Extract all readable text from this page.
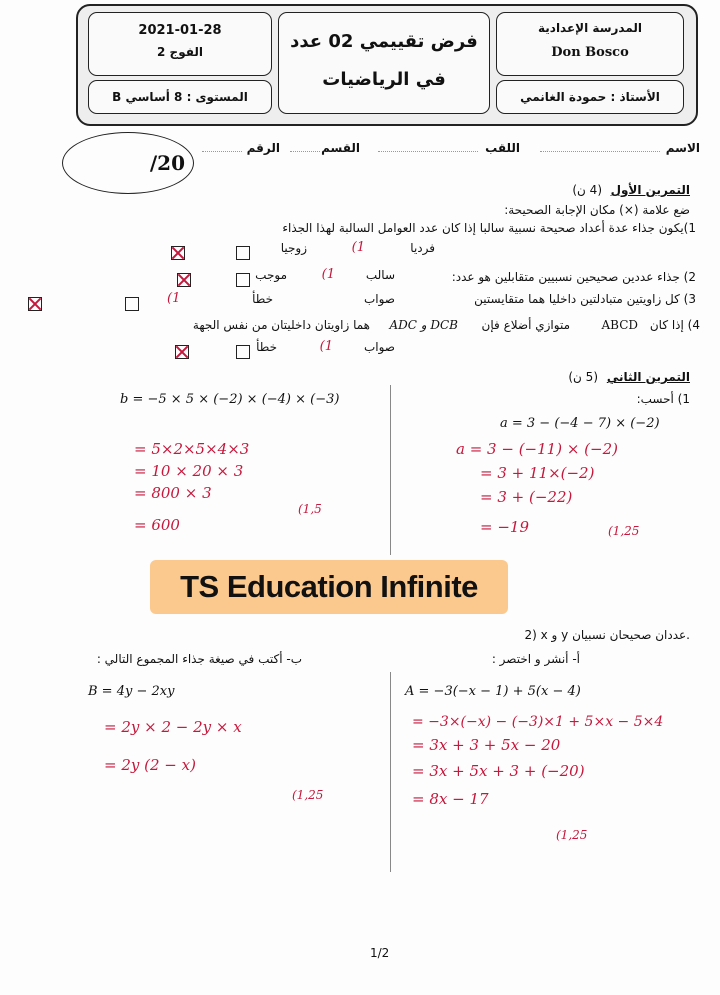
2021-01-28
الفوج 2
المستوى : 8 أساسي B
فرض تقييمي 02 عدد
في الرياضيات
المدرسة الإعدادية
Don Bosco
الأستاذ : حمودة الغانمي
الاسم
اللقب
القسم
الرقم
/20
التمرين الأول
(4 ن)
ضع علامة (×) مكان الإجابة الصحيحة:
1)يكون جذاء عدة أعداد صحيحة نسبية سالبا إذا كان عدد العوامل السالبة لهذا الجذاء
فرديا

(1
زوجيا
2) جذاء عددين صحيحين نسبيين متقابلين هو عدد:
سالب

(1
موجب
3) كل زاويتين متبادلتين داخليا هما متقايستين
صواب

خطأ
(1
4) إذا كان
ABCD
متوازي أضلاع فإن
ADC و DCB
هما زاويتان داخليتان من نفس الجهة
صواب

(1
خطأ
التمرين الثاني
(5 ن)
1) أحسب:
b = −5 × 5 × (−2) × (−4) × (−3)
a = 3 − (−4 − 7) × (−2)
= 5×2×5×4×3
= 10 × 20 × 3
= 800 × 3
= 600
(1,5
a = 3 − (−11) × (−2)
= 3 + 11×(−2)
= 3 + (−22)
= −19	(1,25
TS Education Infinite
2) x و y عددان صحيحان نسبيان.
أ- أنشر و اختصر :
ب- أكتب في صيغة جذاء المجموع التالي :
B = 4y − 2xy	A = −3(−x − 1) + 5(x − 4)
= 2y × 2 − 2y × x
= 2y (2 − x)
(1,25
= −3×(−x) − (−3)×1 + 5×x − 5×4
= 3x + 3 + 5x − 20
= 3x + 5x + 3 + (−20)
= 8x − 17
(1,25
1/2
